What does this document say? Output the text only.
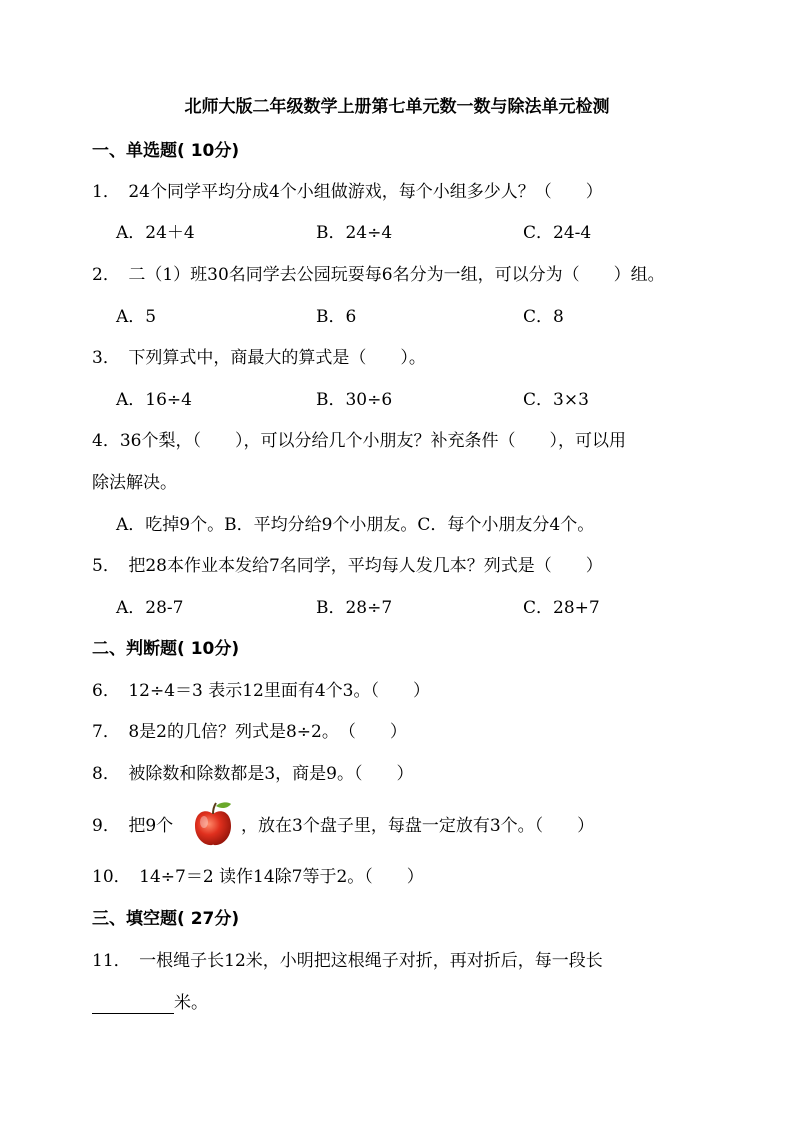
北师大版二年级数学上册第七单元数一数与除法单元检测
一、单选题( 10分)
1．　24个同学平均分成4个小组做游戏，每个小组多少人？（　　）
A．24＋4	B．24÷4	C．24-4
2．　二（1）班30名同学去公园玩耍每6名分为一组，可以分为（　　）组。
A．5	B．6	C．8
3．　下列算式中，商最大的算式是（　　）。
A．16÷4	B．30÷6	C．3×3
4．36个梨，（　　），可以分给几个小朋友？补充条件（　　），可以用
除法解决。
A．吃掉9个。B．平均分给9个小朋友。C．每个小朋友分4个。
5．　把28本作业本发给7名同学，平均每人发几本？列式是（　　）
A．28-7	B．28÷7	C．28+7
二、判断题( 10分)
6．　12÷4＝3 表示12里面有4个3。（　　）
7．　8是2的几倍？列式是8÷2。　（　　）
8．　被除数和除数都是3，商是9。（　　）
9．　把9个	，放在3个盘子里，每盘一定放有3个。（　　）
10．　14÷7＝2 读作14除7等于2。（　　）
三、填空题( 27分)
11．　一根绳子长12米，小明把这根绳子对折，再对折后，每一段长
米。
